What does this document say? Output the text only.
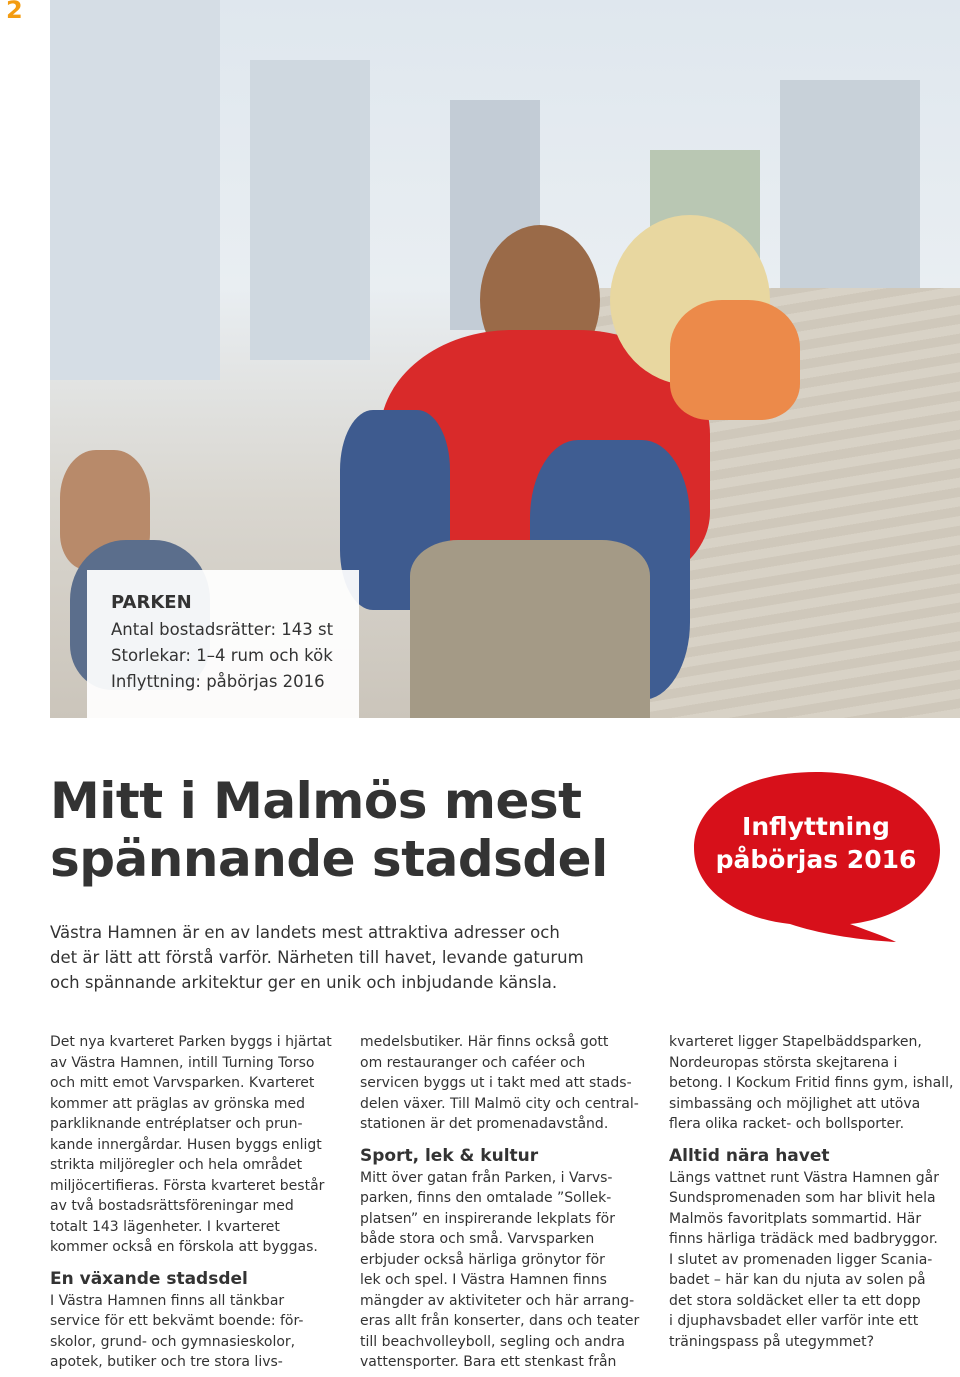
2
PARKEN
Antal bostadsrätter: 143 st
Storlekar: 1–4 rum och kök
Inflyttning: påbörjas 2016
Mitt i Malmös mest
spännande stadsdel
Inflyttning
påbörjas 2016
Västra Hamnen är en av landets mest attraktiva adresser och
det är lätt att förstå varför. Närheten till havet, levande gaturum
och spännande arkitektur ger en unik och inbjudande känsla.
Det nya kvarteret Parken byggs i hjärtat
av Västra Hamnen, intill Turning Torso
och mitt emot Varvsparken. Kvarteret
kommer att präglas av grönska med
parkliknande entréplatser och prun-
kande innergårdar. Husen byggs enligt
strikta miljöregler och hela området
miljöcertifieras. Första kvarteret består
av två bostadsrättsföreningar med
totalt 143 lägenheter. I kvarteret
kommer också en förskola att byggas.
En växande stadsdel
I Västra Hamnen finns all tänkbar
service för ett bekvämt boende: för-
skolor, grund- och gymnasieskolor,
apotek, butiker och tre stora livs-
medelsbutiker. Här finns också gott
om restauranger och caféer och
servicen byggs ut i takt med att stads-
delen växer. Till Malmö city och central-
stationen är det promenadavstånd.
Sport, lek & kultur
Mitt över gatan från Parken, i Varvs-
parken, finns den omtalade ”Sollek-
platsen” en inspirerande lekplats för
både stora och små. Varvsparken
erbjuder också härliga grönytor för
lek och spel. I Västra Hamnen finns
mängder av aktiviteter och här arrang-
eras allt från konserter, dans och teater
till beachvolleyboll, segling och andra
vattensporter. Bara ett stenkast från
kvarteret ligger Stapelbäddsparken,
Nordeuropas största skejtarena i
betong. I Kockum Fritid finns gym, ishall,
simbassäng och möjlighet att utöva
flera olika racket- och bollsporter.
Alltid nära havet
Längs vattnet runt Västra Hamnen går
Sundspromenaden som har blivit hela
Malmös favoritplats sommartid. Här
finns härliga trädäck med badbryggor.
I slutet av promenaden ligger Scania-
badet – här kan du njuta av solen på
det stora soldäcket eller ta ett dopp
i djuphavsbadet eller varför inte ett
träningspass på utegymmet?
